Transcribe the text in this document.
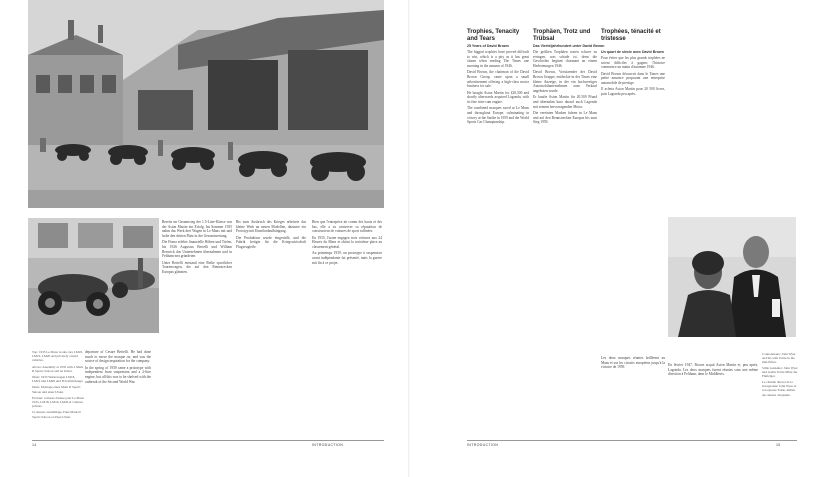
Top: 1935 Le Mans works cars LM18, LM19, LM20 and privately owned vehicles.

Above: Assembly at 1935 with a Mark II Sports Saloon and an Ulster.

Oben: 1935 Werkswagen LM18, LM19 und LM20 und Privatfahrzeuge.

Oben: Montage eines Mark II Sports Saloon und einer Ulster.

En haut: voitures d'usine pour Le Mans 1935, LM18, LM19, LM20 et voitures privées.

Ci-dessus: assemblage d'une Mark II Sports Saloon et d'une Ulster.

departure of Cesare Bertelli. He had done much to move the marque on, and was the source of design inspiration for the company.

In the spring of 1939 came a prototype with independent front suspension and a 2-litre engine, but all this was to be shelved with the outbreak of the Second World War.

Bereits im Gesamtsieg der 1.5-Liter-Klasse war der Aston Martin ein Erfolg. Im Sommer 1935 nahm das Werk drei Wagen in Le Mans mit und holte den dritten Platz in der Gesamtwertung.

Die Firma erlebte finanzielle Höhen und Tiefen, bis 1926 Augustus Bertelli und William Renwick das Unternehmen übernahmen und in Feltham neu gründeten.

Unter Bertelli entstand eine Reihe sportlicher Tourenwagen, die auf den Rennstrecken Europas glänzten.

Bis zum Ausbruch des Krieges arbeitete das kleine Werk an neuen Modellen, darunter ein Prototyp mit Einzelradaufhängung.

Die Produktion wurde eingestellt, und die Fabrik fertigte für die Kriegswirtschaft Flugzeugteile.

Bien que l'entreprise ait connu des hauts et des bas, elle a su conserver sa réputation de constructeur de voitures de sport raffinées.

En 1935, l'usine engagea trois voitures aux 24 Heures du Mans et obtint la troisième place au classement général.

Au printemps 1939, un prototype à suspension avant indépendante fut présenté, mais la guerre mit fin à ce projet.

Trophies, Tenacity and Tears
Trophäen, Trotz und Trübsal
Trophées, ténacité et tristesse
25 Years of David Brown	Das Vierteljahrhundert unter David Brown
Un quart de siècle avec David Brown

The biggest trophies have proved difficult to win, which is a pity as it has great charm when reading The Times one morning in the autumn of 1946.

David Brown, the chairman of the David Brown Group, came upon a small advertisement offering a high-class motor business for sale.

He bought Aston Martin for £20,500 and shortly afterwards acquired Lagonda, with its fine twin-cam engine.

The combined marques raced at Le Mans and throughout Europe, culminating in victory at the Sarthe in 1959 and the World Sports Car Championship.

Die größten Trophäen waren schwer zu erringen, was schade ist, denn die Geschichte beginnt charmant an einem Herbstmorgen 1946.

David Brown, Vorsitzender der David Brown Gruppe, entdeckte in der Times eine kleine Anzeige, in der ein hochwertiges Automobilunternehmen zum Verkauf angeboten wurde.

Er kaufte Aston Martin für 20.500 Pfund und übernahm kurz darauf auch Lagonda mit seinem hervorragenden Motor.

Die vereinten Marken fuhren in Le Mans und auf den Rennstrecken Europas bis zum Sieg 1959.

Pour éviter que les plus grands trophées ne soient difficiles à gagner, l'histoire commence un matin d'automne 1946.

David Brown découvrit dans le Times une petite annonce proposant une entreprise automobile de prestige.

Il acheta Aston Martin pour 20 500 livres, puis Lagonda peu après.

Les deux marques réunies brillèrent au Mans et sur les circuits européens jusqu'à la victoire de 1959.

En février 1947, Brown acquit Aston Martin et, peu après, Lagonda. Les deux marques furent réunies sous une même direction à Feltham, dans le Middlesex.

Connoisseurs: John Wyer and his wife Tottie in the mid-fifties.
Stille Genießer: John Wyer und Gattin Tottie Mitte der Fünfziger.
Le charme discret de la bourgeoisie: John Wyer et son épouse Tottie, milieu des années cinquante.
14	INTRODUCTION	INTRODUCTION	15
